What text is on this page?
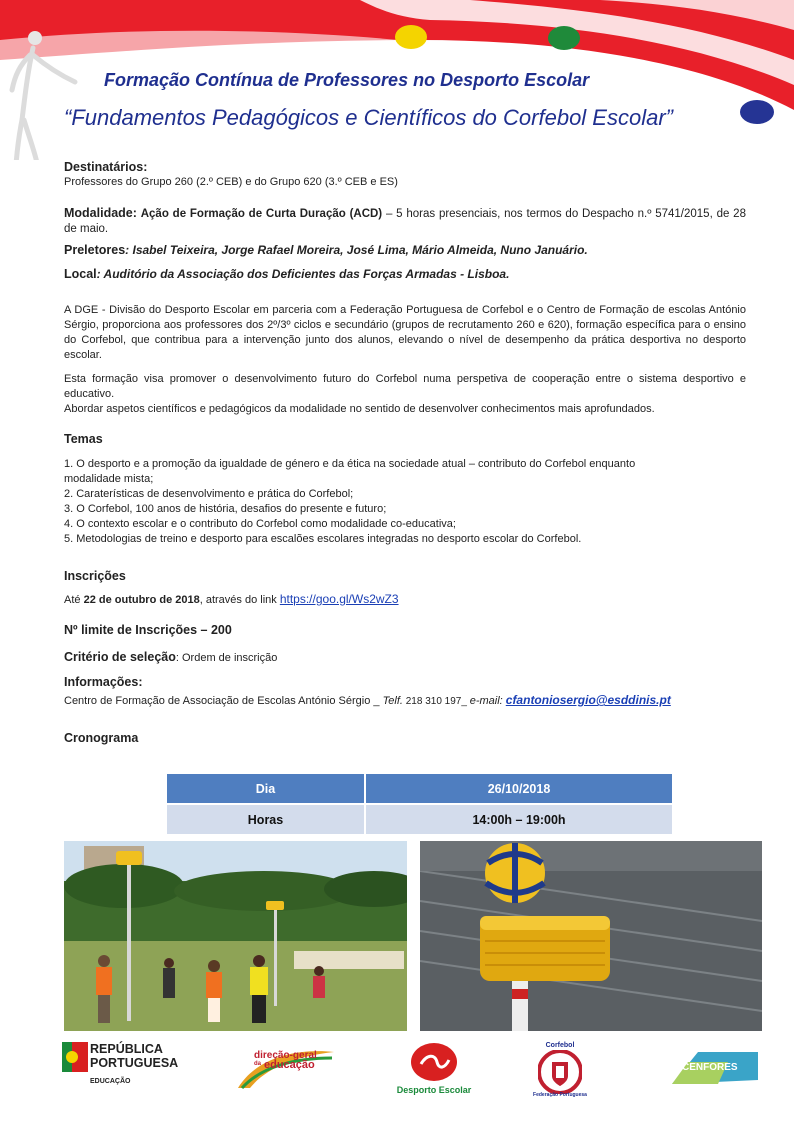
Formação Contínua de Professores no Desporto Escolar
“Fundamentos Pedagógicos e Científicos do Corfebol Escolar”
Destinatários:
Professores do Grupo 260 (2.º CEB) e do Grupo 620 (3.º CEB e ES)
Modalidade: Ação de Formação de Curta Duração (ACD) – 5 horas presenciais, nos termos do Despacho n.º 5741/2015, de 28 de maio.
Preletores: Isabel Teixeira, Jorge Rafael Moreira, José Lima, Mário Almeida, Nuno Januário.
Local: Auditório da Associação dos Deficientes das Forças Armadas - Lisboa.
A DGE - Divisão do Desporto Escolar em parceria com a Federação Portuguesa de Corfebol e o Centro de Formação de escolas António Sérgio, proporciona aos professores dos 2º/3º ciclos e secundário (grupos de recrutamento 260 e 620), formação específica para o ensino do Corfebol, que contribua para a intervenção junto dos alunos, elevando o nível de desempenho da prática desportiva no desporto escolar.
Esta formação visa promover o desenvolvimento futuro do Corfebol numa perspetiva de cooperação entre o sistema desportivo e educativo.
Abordar aspetos científicos e pedagógicos da modalidade no sentido de desenvolver conhecimentos mais aprofundados.
Temas
1. O desporto e a promoção da igualdade de género e da ética na sociedade atual – contributo do Corfebol enquanto
modalidade mista;
2. Caraterísticas de desenvolvimento e prática do Corfebol;
3. O Corfebol, 100 anos de história, desafios do presente e futuro;
4. O contexto escolar e o contributo do Corfebol como modalidade co-educativa;
5. Metodologias de treino e desporto para escalões escolares integradas no desporto escolar do Corfebol.
Inscrições
Até 22 de outubro de 2018, através do link https://goo.gl/Ws2wZ3
Nº limite de Inscrições – 200
Critério de seleção: Ordem de inscrição
Informações:
Centro de Formação de Associação de Escolas António Sérgio _ Telf. 218 310 197_ e-mail: cfantoniosergio@esddinis.pt
Cronograma
Dia	26/10/2018
Horas	14:00h – 19:00h
REPÚBLICA
PORTUGUESA
EDUCAÇÃO
direção-geral
da educação
Desporto Escolar
Corfebol
Federação Portuguesa
CENFORES
